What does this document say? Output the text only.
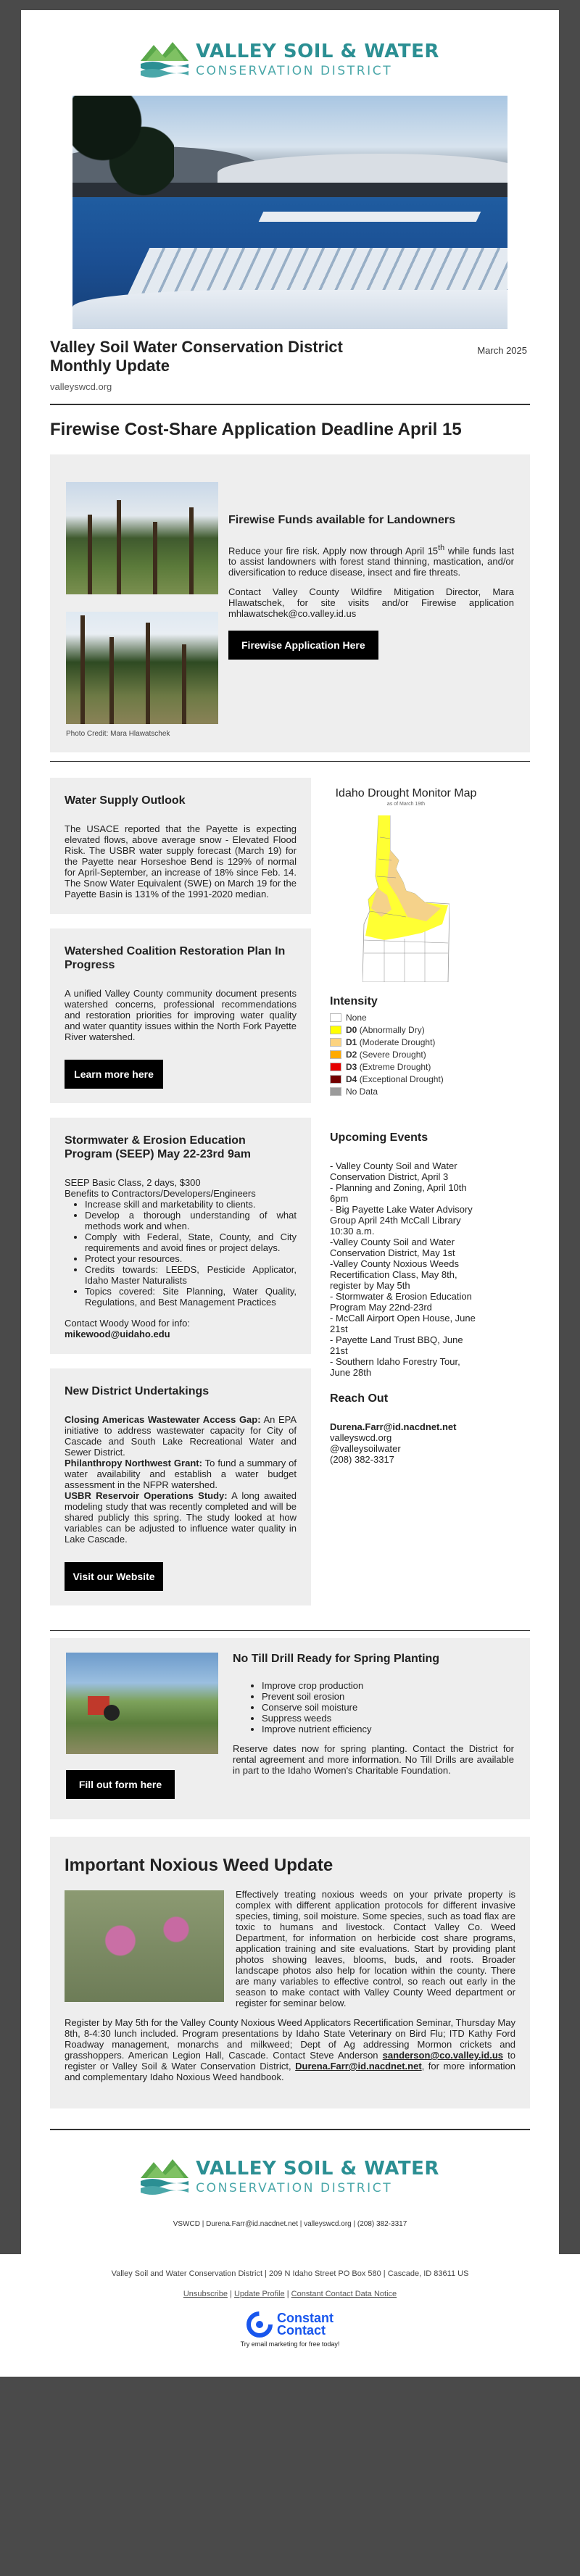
VALLEY SOIL & WATER
CONSERVATION DISTRICT
Valley Soil Water Conservation District Monthly Update
March 2025
valleyswcd.org
Firewise Cost-Share Application Deadline April 15
Firewise Funds available for Landowners

Reduce your fire risk. Apply now through April 15th while funds last to assist landowners with forest stand thinning, mastication, and/or diversification to reduce disease, insect and fire threats.

Contact Valley County Wildfire Mitigation Director, Mara Hlawatschek, for site visits and/or Firewise application mhlawatschek@co.valley.id.us

Firewise Application Here
Photo Credit: Mara Hlawatschek
Water Supply Outlook

The USACE reported that the Payette is expecting elevated flows, above average snow - Elevated Flood Risk. The USBR water supply forecast (March 19) for the Payette near Horseshoe Bend is 129% of normal for April-September, an increase of 18% since Feb. 14. The Snow Water Equivalent (SWE) on March 19 for the Payette Basin is 131% of the 1991-2020 median.

Watershed Coalition Restoration Plan In Progress

A unified Valley County community document presents watershed concerns, professional recommendations and restoration priorities for improving water quality and water quantity issues within the North Fork Payette River watershed.

Learn more here
Stormwater & Erosion Education Program (SEEP) May 22-23rd 9am
SEEP Basic Class, 2 days, $300
Benefits to Contractors/Developers/Engineers
• Increase skill and marketability to clients.
• Develop a thorough understanding of what methods work and when.
• Comply with Federal, State, County, and City requirements and avoid fines or project delays.
• Protect your resources.
• Credits towards: LEEDS, Pesticide Applicator, Idaho Master Naturalists
• Topics covered: Site Planning, Water Quality, Regulations, and Best Management Practices
Contact Woody Wood for info:
mikewood@uidaho.edu
New District Undertakings

Closing Americas Wastewater Access Gap: An EPA initiative to address wastewater capacity for City of Cascade and South Lake Recreational Water and Sewer District.

Philanthropy Northwest Grant: To fund a summary of water availability and establish a water budget assessment in the NFPR watershed.

USBR Reservoir Operations Study: A long awaited modeling study that was recently completed and will be shared publicly this spring. The study looked at how variables can be adjusted to influence water quality in Lake Cascade.

Visit our Website
Idaho Drought Monitor Map
as of March 19th
Intensity
None
D0
(Abnormally Dry)
D1
(Moderate Drought)
D2
(Severe Drought)
D3
(Extreme Drought)
D4
(Exceptional Drought)
No Data
Upcoming Events
- Valley County Soil and Water Conservation District, April 3
- Planning and Zoning, April 10th 6pm
- Big Payette Lake Water Advisory Group April 24th McCall Library 10:30 a.m.
-Valley County Soil and Water Conservation District, May 1st
-Valley County Noxious Weeds Recertification Class, May 8th, register by May 5th
- Stormwater & Erosion Education Program May 22nd-23rd
- McCall Airport Open House, June 21st
- Payette Land Trust BBQ, June 21st
- Southern Idaho Forestry Tour, June 28th
Reach Out
Durena.Farr@id.nacdnet.net
valleyswcd.org
@valleysoilwater
(208) 382-3317
Fill out form here
No Till Drill Ready for Spring Planting
• Improve crop production
• Prevent soil erosion
• Conserve soil moisture
• Suppress weeds
• Improve nutrient efficiency

Reserve dates now for spring planting. Contact the District for rental agreement and more information. No Till Drills are available in part to the Idaho Women's Charitable Foundation.

Important Noxious Weed Update

Effectively treating noxious weeds on your private property is complex with different application protocols for different invasive species, timing, soil moisture. Some species, such as toad flax are toxic to humans and livestock. Contact Valley Co. Weed Department, for information on herbicide cost share programs, application training and site evaluations. Start by providing plant photos showing leaves, blooms, buds, and roots. Broader landscape photos also help for location within the county. There are many variables to effective control, so reach out early in the season to make contact with Valley County Weed department or register for seminar below.

Register by May 5th for the Valley County Noxious Weed Applicators Recertification Seminar, Thursday May 8th, 8-4:30 lunch included. Program presentations by Idaho State Veterinary on Bird Flu; ITD Kathy Ford Roadway management, monarchs and milkweed; Dept of Ag addressing Mormon crickets and grasshoppers. American Legion Hall, Cascade. Contact Steve Anderson sanderson@co.valley.id.us to register or Valley Soil & Water Conservation District, Durena.Farr@id.nacdnet.net, for more information and complementary Idaho Noxious Weed handbook.

VALLEY SOIL & WATER
CONSERVATION DISTRICT
VSWCD | Durena.Farr@id.nacdnet.net | valleyswcd.org | (208) 382-3317
Valley Soil and Water Conservation District | 209 N Idaho Street PO Box 580 | Cascade, ID 83611 US
Unsubscribe | Update Profile | Constant Contact Data Notice
Constant
Contact
Try email marketing for free today!
